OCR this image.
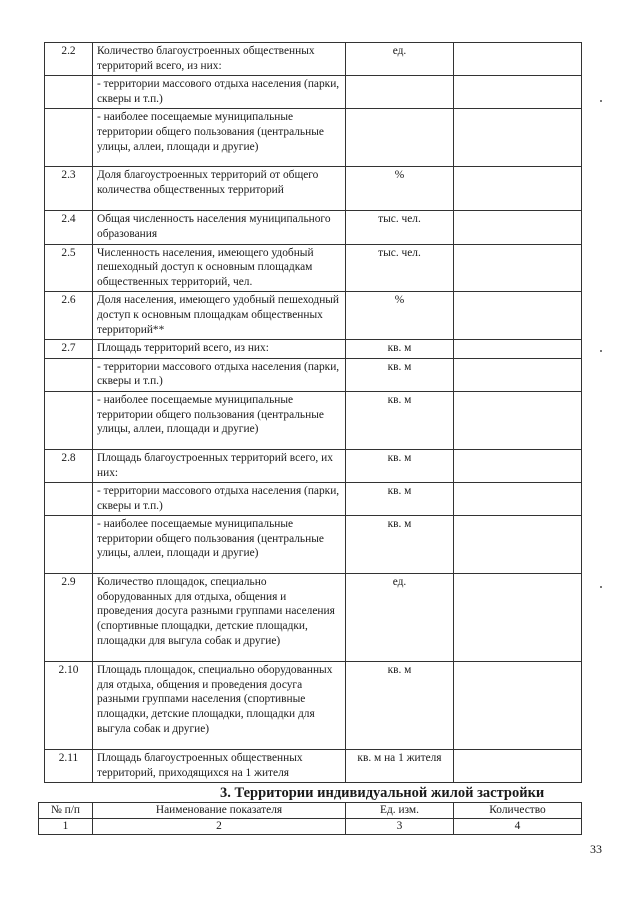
2.2	Количество благоустроенных общественных территорий всего, из них:	ед.	
	- территории массового отдыха населения (парки, скверы и т.п.)		
	- наиболее посещаемые муниципальные территории общего пользования (центральные улицы, аллеи, площади и другие)		
2.3	Доля благоустроенных территорий от общего количества общественных территорий	%	
2.4	Общая численность населения муниципального образования	тыс. чел.	
2.5	Численность населения, имеющего удобный пешеходный доступ к основным площадкам общественных территорий, чел.	тыс. чел.	
2.6	Доля населения, имеющего удобный пешеходный доступ к основным площадкам общественных территорий**	%	
2.7	Площадь территорий всего, из них:	кв. м	
	- территории массового отдыха населения (парки, скверы и т.п.)	кв. м	
	- наиболее посещаемые муниципальные территории общего пользования (центральные улицы, аллеи, площади и другие)	кв. м	
2.8	Площадь благоустроенных территорий всего, их них:	кв. м	
	- территории массового отдыха населения (парки, скверы и т.п.)	кв. м	
	- наиболее посещаемые муниципальные территории общего пользования (центральные улицы, аллеи, площади и другие)	кв. м	
2.9	Количество площадок, специально оборудованных для отдыха, общения и проведения досуга разными группами населения (спортивные площадки, детские площадки, площадки для выгула собак и другие)	ед.	
2.10	Площадь площадок, специально оборудованных для отдыха, общения и проведения досуга разными группами населения (спортивные площадки, детские площадки, площадки для выгула собак и другие)	кв. м	
2.11	Площадь благоустроенных общественных территорий, приходящихся на 1 жителя	кв. м на 1 жителя	
3. Территории индивидуальной жилой застройки
№ п/п	Наименование показателя	Ед. изм.	Количество
1	2	3	4
33
